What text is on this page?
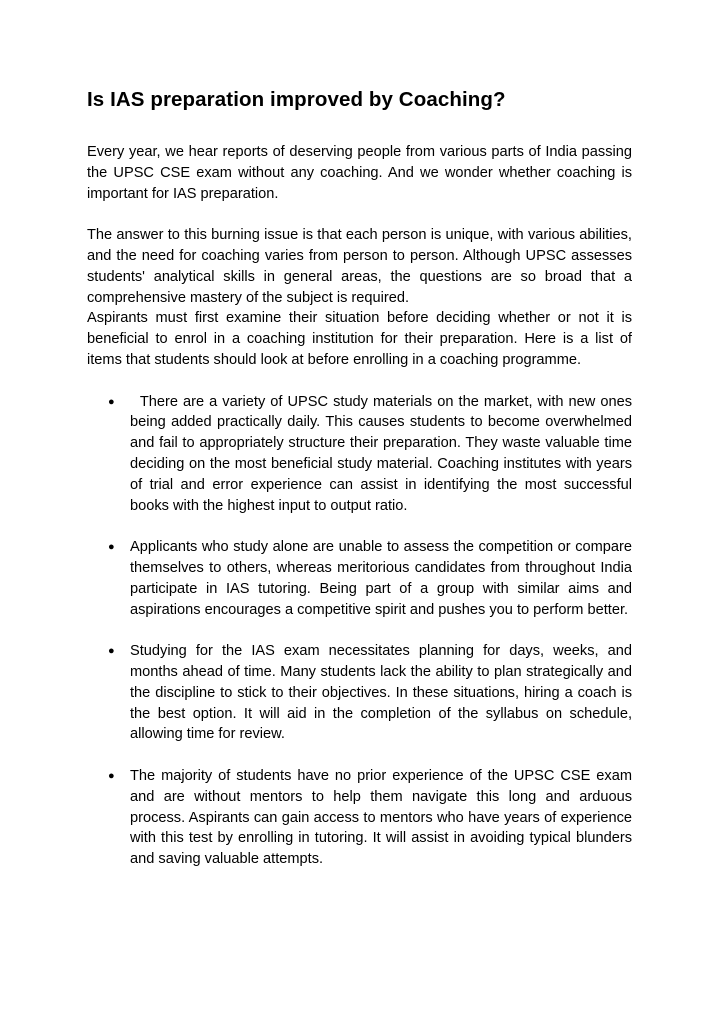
Is IAS preparation improved by Coaching?

Every year, we hear reports of deserving people from various parts of India passing the UPSC CSE exam without any coaching. And we wonder whether coaching is important for IAS preparation.

The answer to this burning issue is that each person is unique, with various abilities, and the need for coaching varies from person to person. Although UPSC assesses students' analytical skills in general areas, the questions are so broad that a comprehensive mastery of the subject is required.

Aspirants must first examine their situation before deciding whether or not it is beneficial to enrol in a coaching institution for their preparation. Here is a list of items that students should look at before enrolling in a coaching programme.

● There are a variety of UPSC study materials on the market, with new ones being added practically daily. This causes students to become overwhelmed and fail to appropriately structure their preparation. They waste valuable time deciding on the most beneficial study material. Coaching institutes with years of trial and error experience can assist in identifying the most successful books with the highest input to output ratio.
● Applicants who study alone are unable to assess the competition or compare themselves to others, whereas meritorious candidates from throughout India participate in IAS tutoring. Being part of a group with similar aims and aspirations encourages a competitive spirit and pushes you to perform better.
● Studying for the IAS exam necessitates planning for days, weeks, and months ahead of time. Many students lack the ability to plan strategically and the discipline to stick to their objectives. In these situations, hiring a coach is the best option. It will aid in the completion of the syllabus on schedule, allowing time for review.
● The majority of students have no prior experience of the UPSC CSE exam and are without mentors to help them navigate this long and arduous process. Aspirants can gain access to mentors who have years of experience with this test by enrolling in tutoring. It will assist in avoiding typical blunders and saving valuable attempts.
